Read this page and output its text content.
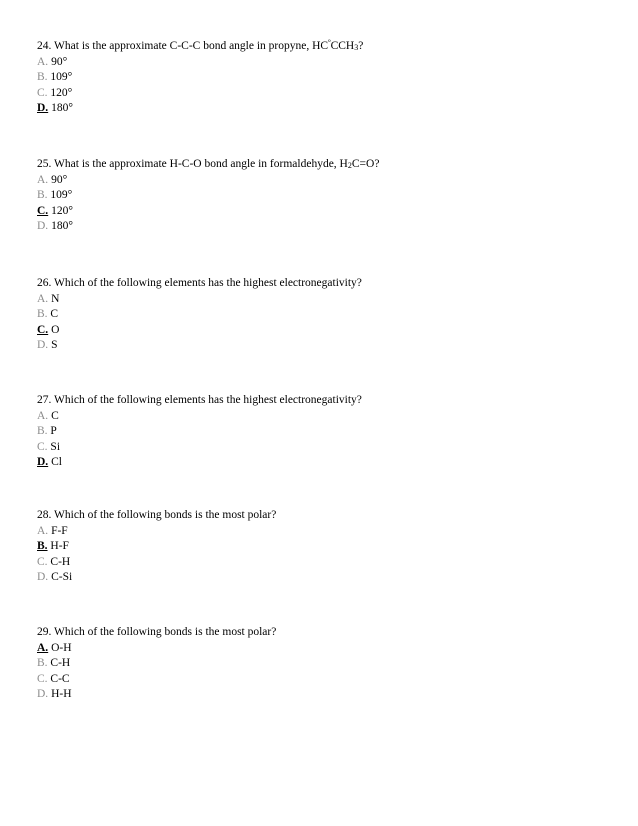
24. What is the approximate C-C-C bond angle in propyne, $HC^ºCCH_3$?

A. 90°

B. 109°

C. 120°

D. 180°

25. What is the approximate H-C-O bond angle in formaldehyde, $H_2C=O$?

A. 90°

B. 109°

C. 120°

D. 180°

26. Which of the following elements has the highest electronegativity?

A. N

B. C

C. O

D. S

27. Which of the following elements has the highest electronegativity?

A. C

B. P

C. Si

D. Cl

28. Which of the following bonds is the most polar?

A. F-F

B. H-F

C. C-H

D. C-Si

29. Which of the following bonds is the most polar?

A. O-H

B. C-H

C. C-C

D. H-H
